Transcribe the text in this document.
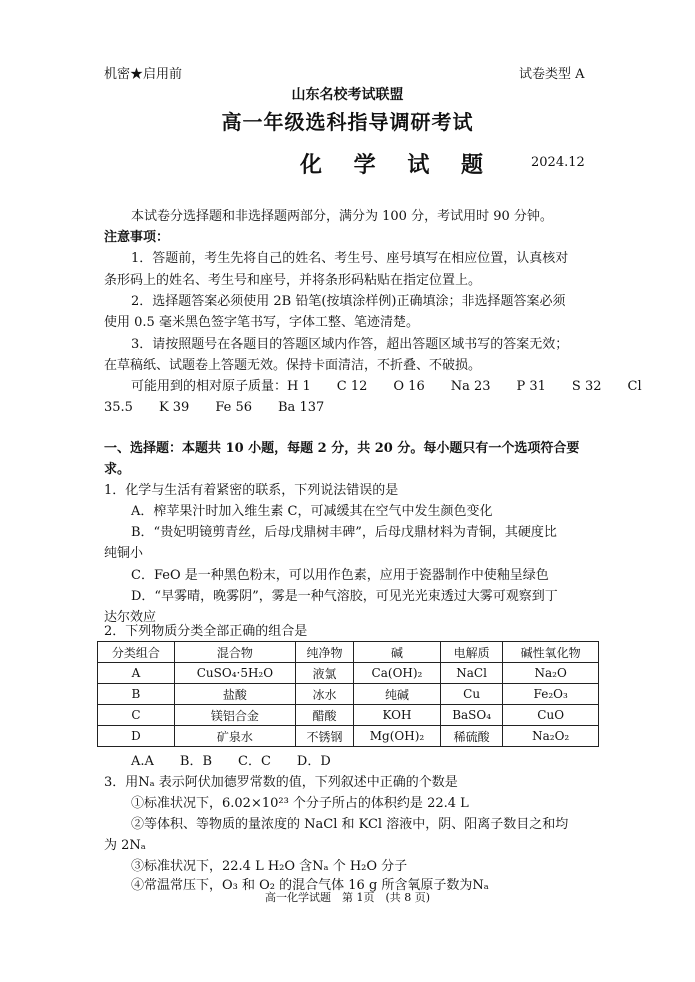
机密★启用前	试卷类型 A
山东名校考试联盟
高一年级选科指导调研考试
化 学 试 题	2024.12
本试卷分选择题和非选择题两部分，满分为 100 分，考试用时 90 分钟。
注意事项：
1．答题前，考生先将自己的姓名、考生号、座号填写在相应位置，认真核对
条形码上的姓名、考生号和座号，并将条形码粘贴在指定位置上。
2．选择题答案必须使用 2B 铅笔(按填涂样例)正确填涂；非选择题答案必须
使用 0.5 毫米黑色签字笔书写，字体工整、笔迹清楚。
3．请按照题号在各题目的答题区域内作答，超出答题区域书写的答案无效；
在草稿纸、试题卷上答题无效。保持卡面清洁，不折叠、不破损。
可能用到的相对原子质量：H 1　　C 12　　O 16　　Na 23　　P 31　　S 32　　Cl
35.5　　K 39　　Fe 56　　Ba 137
一、选择题：本题共 10 小题，每题 2 分，共 20 分。每小题只有一个选项符合要
求。
1．化学与生活有着紧密的联系，下列说法错误的是
A．榨苹果汁时加入维生素 C，可减缓其在空气中发生颜色变化
B．“贵妃明镜剪青丝，后母戊鼎树丰碑”，后母戊鼎材料为青铜，其硬度比
纯铜小
C．FeO 是一种黑色粉末，可以用作色素，应用于瓷器制作中使釉呈绿色
D．“早雾晴，晚雾阴”，雾是一种气溶胶，可见光光束透过大雾可观察到丁
达尔效应
2．下列物质分类全部正确的组合是
分类组合	混合物	纯净物	碱	电解质	碱性氧化物
A	CuSO₄·5H₂O	液氯	Ca(OH)₂	NaCl	Na₂O
B	盐酸	冰水	纯碱	Cu	Fe₂O₃
C	镁铝合金	醋酸	KOH	BaSO₄	CuO
D	矿泉水	不锈钢	Mg(OH)₂	稀硫酸	Na₂O₂
A.A　　B．B　　C．C　　D．D
3．用Nₐ 表示阿伏加德罗常数的值，下列叙述中正确的个数是
①标准状况下，6.02×10²³ 个分子所占的体积约是 22.4 L
②等体积、等物质的量浓度的 NaCl 和 KCl 溶液中，阴、阳离子数目之和均
为 2Nₐ
③标准状况下，22.4 L H₂O 含Nₐ 个 H₂O 分子
④常温常压下，O₃ 和 O₂ 的混合气体 16 g 所含氧原子数为Nₐ
高一化学试题　第 1页　(共 8 页)
